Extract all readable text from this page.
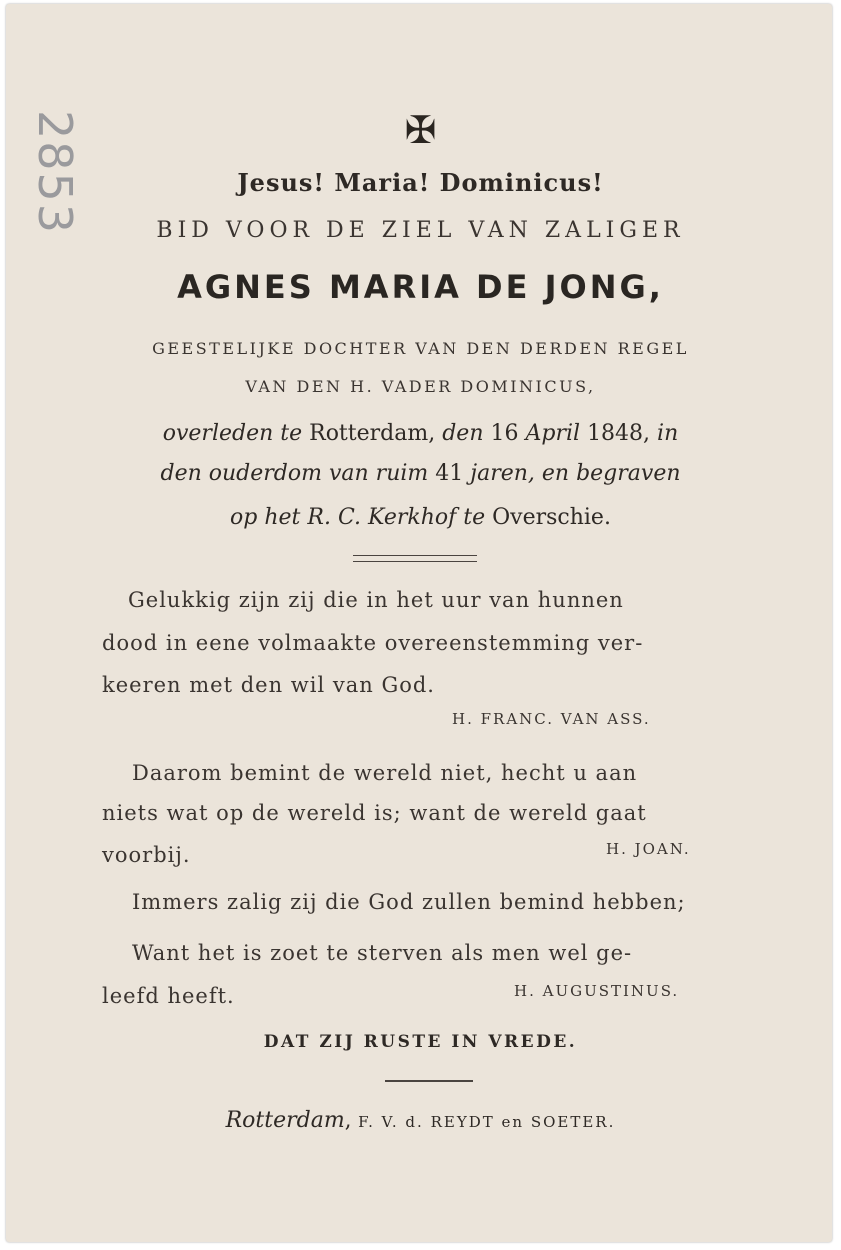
2853	✠
Jesus! Maria! Dominicus!
BID VOOR DE ZIEL VAN ZALIGER
AGNES MARIA DE JONG,
GEESTELIJKE DOCHTER VAN DEN DERDEN REGEL
VAN DEN H. VADER DOMINICUS,
overleden te Rotterdam, den 16 April 1848, in
den ouderdom van ruim 41 jaren, en begraven
op het R. C. Kerkhof te Overschie.
Gelukkig zijn zij die in het uur van hunnen
dood in eene volmaakte overeenstemming ver-
keeren met den wil van God.
H. FRANC. VAN ASS.
Daarom bemint de wereld niet, hecht u aan
niets wat op de wereld is; want de wereld gaat
voorbij.	H. JOAN.
Immers zalig zij die God zullen bemind hebben;
Want het is zoet te sterven als men wel ge-
leefd heeft.	H. AUGUSTINUS.
DAT ZIJ RUSTE IN VREDE.
Rotterdam, F. V. d. REYDT en SOETER.
